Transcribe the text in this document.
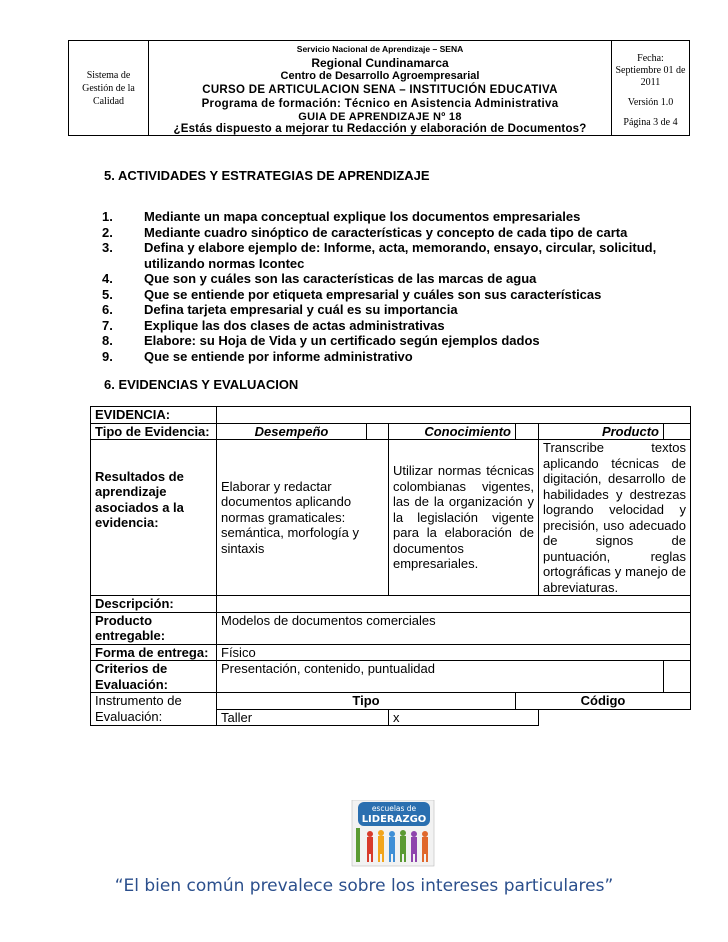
Sistema de Gestión de la Calidad
Servicio Nacional de Aprendizaje – SENA
Regional Cundinamarca
Centro de Desarrollo Agroempresarial
CURSO DE ARTICULACION SENA – INSTITUCIÓN EDUCATIVA
Programa de formación: Técnico en Asistencia Administrativa
GUIA DE APRENDIZAJE Nº 18
¿Estás dispuesto a mejorar tu Redacción y elaboración de Documentos?
Fecha:
Septiembre 01 de 2011
Versión 1.0
Página 3 de 4
5. ACTIVIDADES Y ESTRATEGIAS DE APRENDIZAJE
1.	Mediante un mapa conceptual explique los documentos empresariales
2.	Mediante cuadro sinóptico de características y concepto de cada tipo de carta
3.	Defina y elabore ejemplo de: Informe, acta, memorando, ensayo, circular, solicitud, utilizando normas Icontec
4.	Que son y cuáles son las características de las marcas de agua
5.	Que se entiende por etiqueta empresarial y cuáles son sus características
6.	Defina tarjeta empresarial y cuál es su importancia
7.	Explique las dos clases de actas administrativas
8.	Elabore: su Hoja de Vida y un certificado según ejemplos dados
9.	Que se entiende por informe administrativo
6. EVIDENCIAS Y EVALUACION
EVIDENCIA:						
Tipo de Evidencia:	Desempeño		Conocimiento		Producto	

Resultados de aprendizaje asociados a la evidencia:	Elaborar y redactar documentos aplicando normas gramaticales: semántica, morfología y sintaxis		Utilizar normas técnicas colombianas vigentes, las de la organización y la legislación vigente para la elaboración de documentos empresariales.		Transcribe textos aplicando técnicas de digitación, desarrollo de habilidades y destrezas logrando velocidad y precisión, uso adecuado de signos de puntuación, reglas ortográficas y manejo de abreviaturas.	
Descripción:						
Producto entregable:	Modelos de documentos comerciales					
Forma de entrega:	Físico					
Criterios de Evaluación:	Presentación, contenido, puntualidad					
Instrumento de Evaluación:	Tipo			Código		
	Taller		x			
escuelas de
LIDERAZGO
“El bien común prevalece sobre los intereses particulares”
